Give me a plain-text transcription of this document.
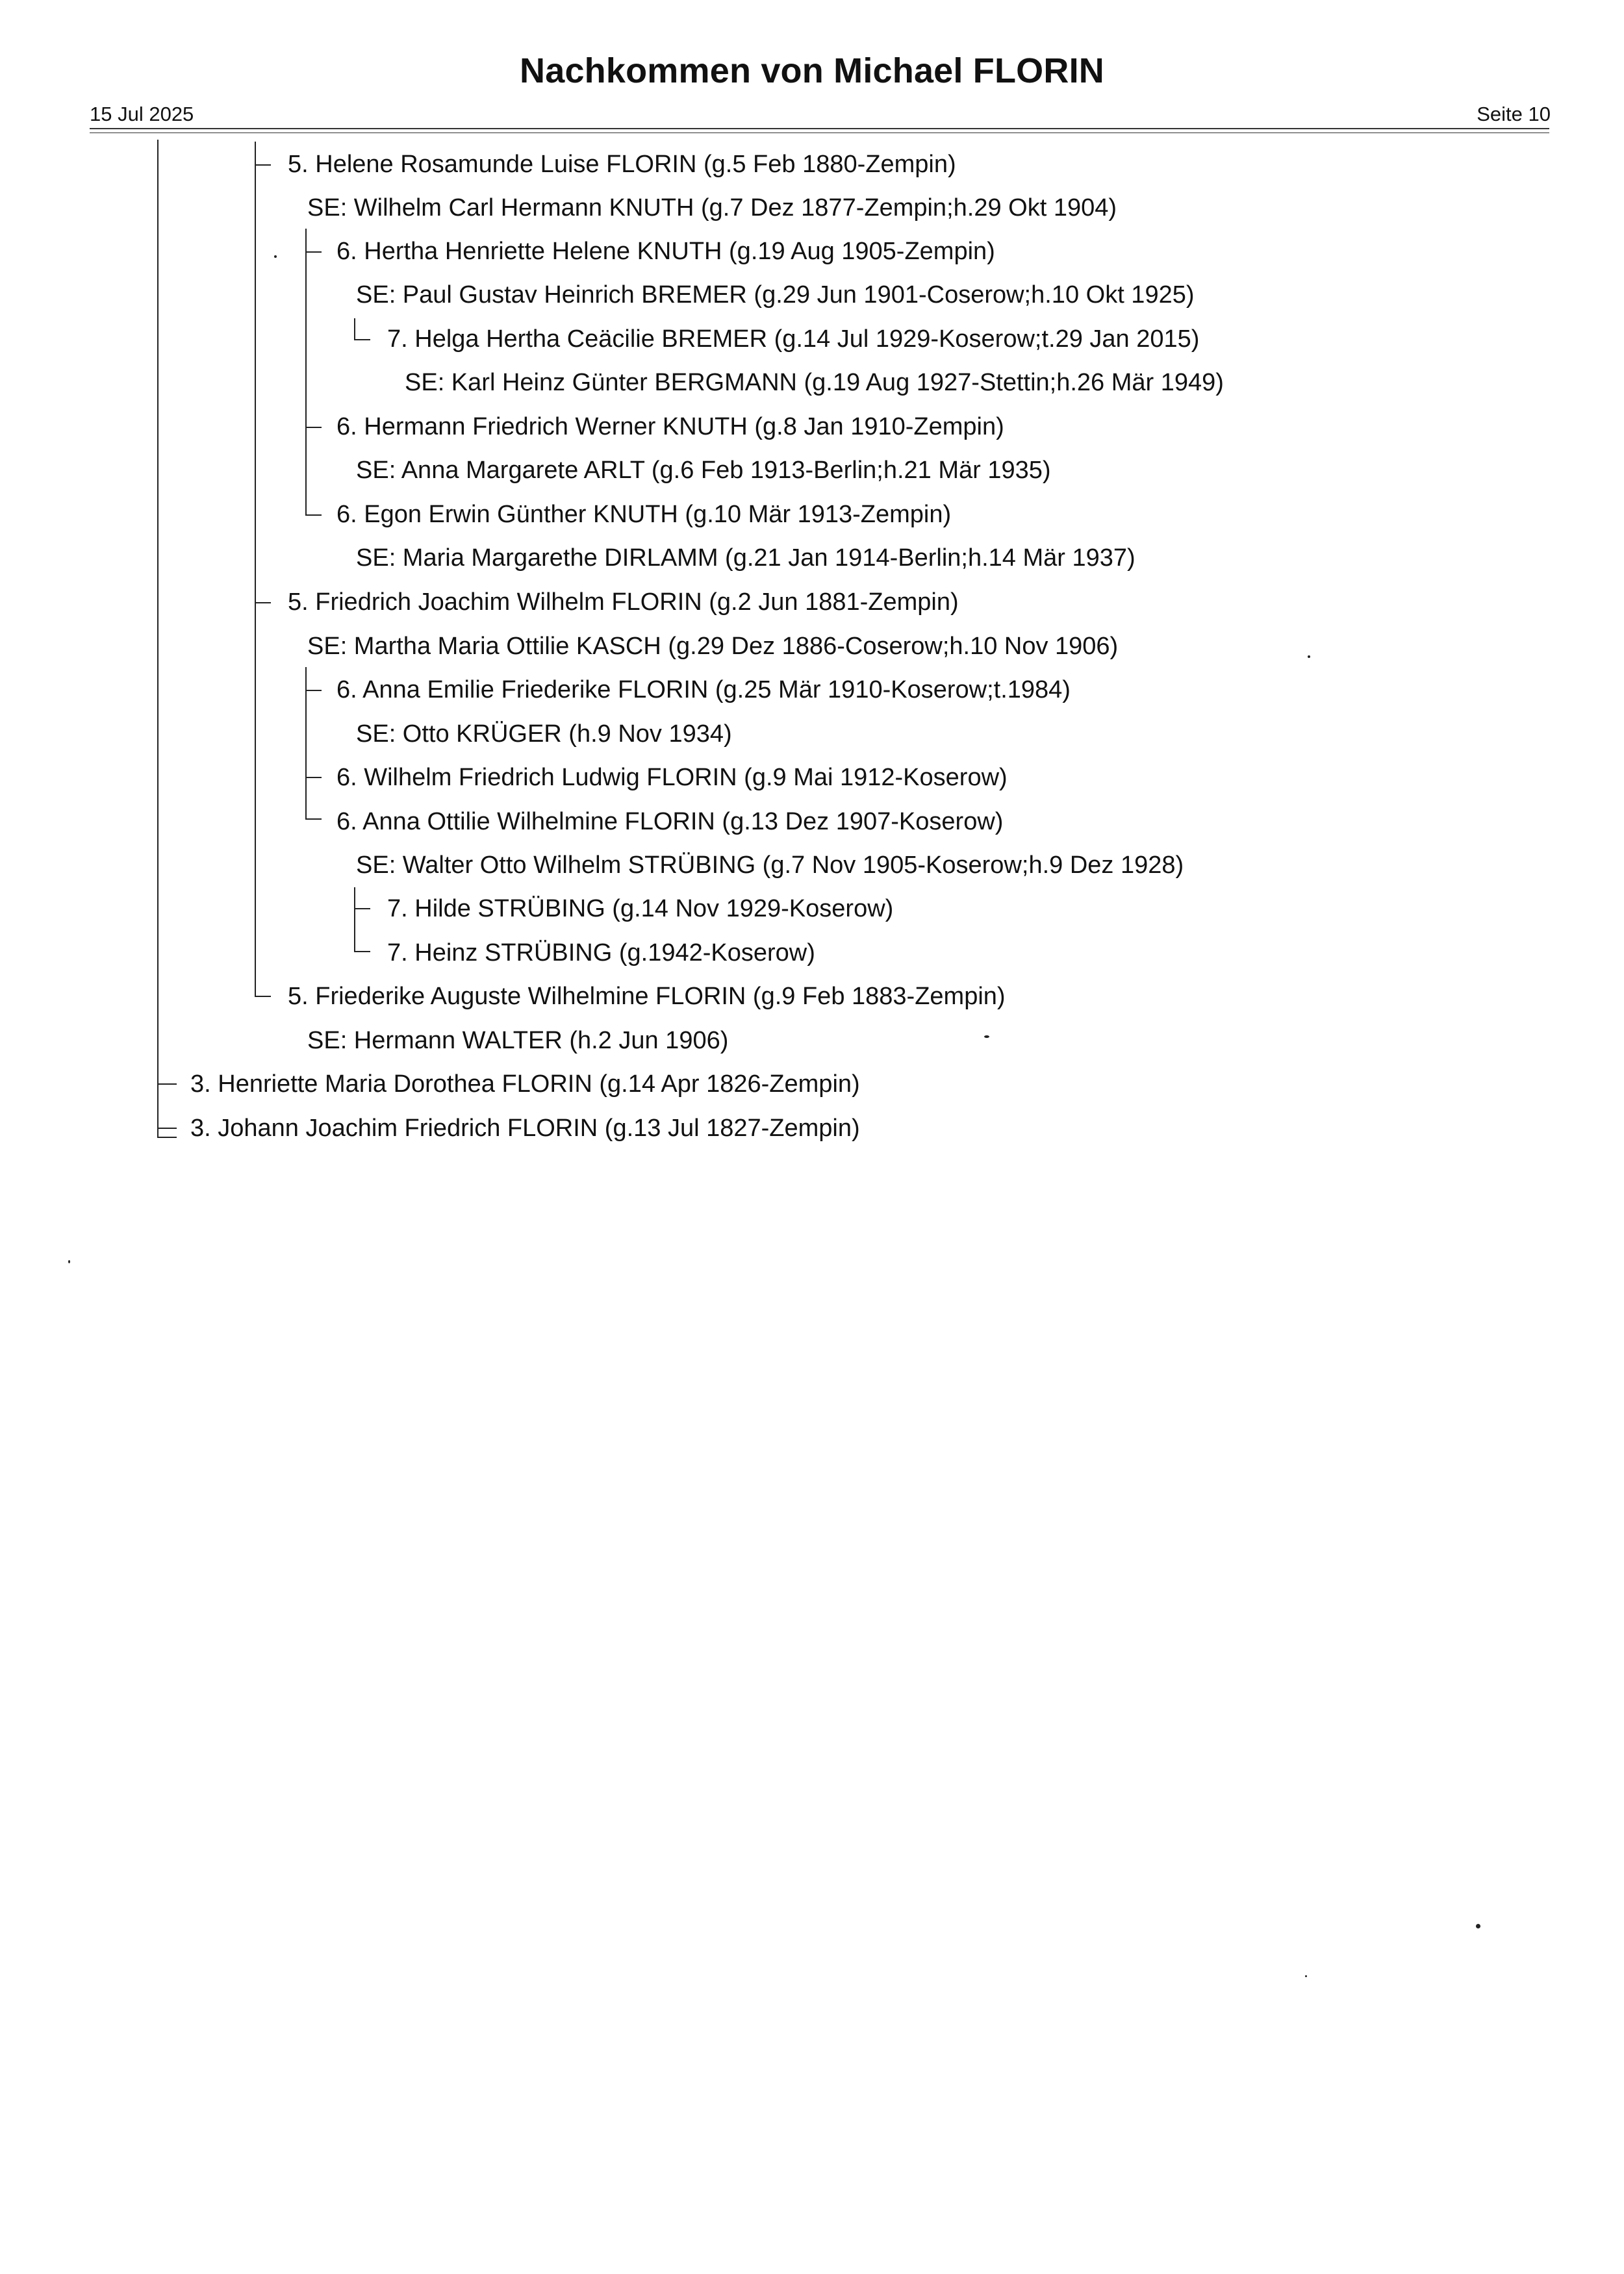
Nachkommen von Michael FLORIN
15 Jul 2025	Seite 10
5. Helene Rosamunde Luise FLORIN (g.5 Feb 1880-Zempin)
SE: Wilhelm Carl Hermann KNUTH (g.7 Dez 1877-Zempin;h.29 Okt 1904)
6. Hertha Henriette Helene KNUTH (g.19 Aug 1905-Zempin)
SE: Paul Gustav Heinrich BREMER (g.29 Jun 1901-Coserow;h.10 Okt 1925)
7. Helga Hertha Ceäcilie BREMER (g.14 Jul 1929-Koserow;t.29 Jan 2015)
SE: Karl Heinz Günter BERGMANN (g.19 Aug 1927-Stettin;h.26 Mär 1949)
6. Hermann Friedrich Werner KNUTH (g.8 Jan 1910-Zempin)
SE: Anna Margarete ARLT (g.6 Feb 1913-Berlin;h.21 Mär 1935)
6. Egon Erwin Günther KNUTH (g.10 Mär 1913-Zempin)
SE: Maria Margarethe DIRLAMM (g.21 Jan 1914-Berlin;h.14 Mär 1937)
5. Friedrich Joachim Wilhelm FLORIN (g.2 Jun 1881-Zempin)
SE: Martha Maria Ottilie KASCH (g.29 Dez 1886-Coserow;h.10 Nov 1906)
6. Anna Emilie Friederike FLORIN (g.25 Mär 1910-Koserow;t.1984)
SE: Otto KRÜGER (h.9 Nov 1934)
6. Wilhelm Friedrich Ludwig FLORIN (g.9 Mai 1912-Koserow)
6. Anna Ottilie Wilhelmine FLORIN (g.13 Dez 1907-Koserow)
SE: Walter Otto Wilhelm STRÜBING (g.7 Nov 1905-Koserow;h.9 Dez 1928)
7. Hilde STRÜBING (g.14 Nov 1929-Koserow)
7. Heinz STRÜBING (g.1942-Koserow)
5. Friederike Auguste Wilhelmine FLORIN (g.9 Feb 1883-Zempin)
SE: Hermann WALTER (h.2 Jun 1906)
3. Henriette Maria Dorothea FLORIN (g.14 Apr 1826-Zempin)
3. Johann Joachim Friedrich FLORIN (g.13 Jul 1827-Zempin)
